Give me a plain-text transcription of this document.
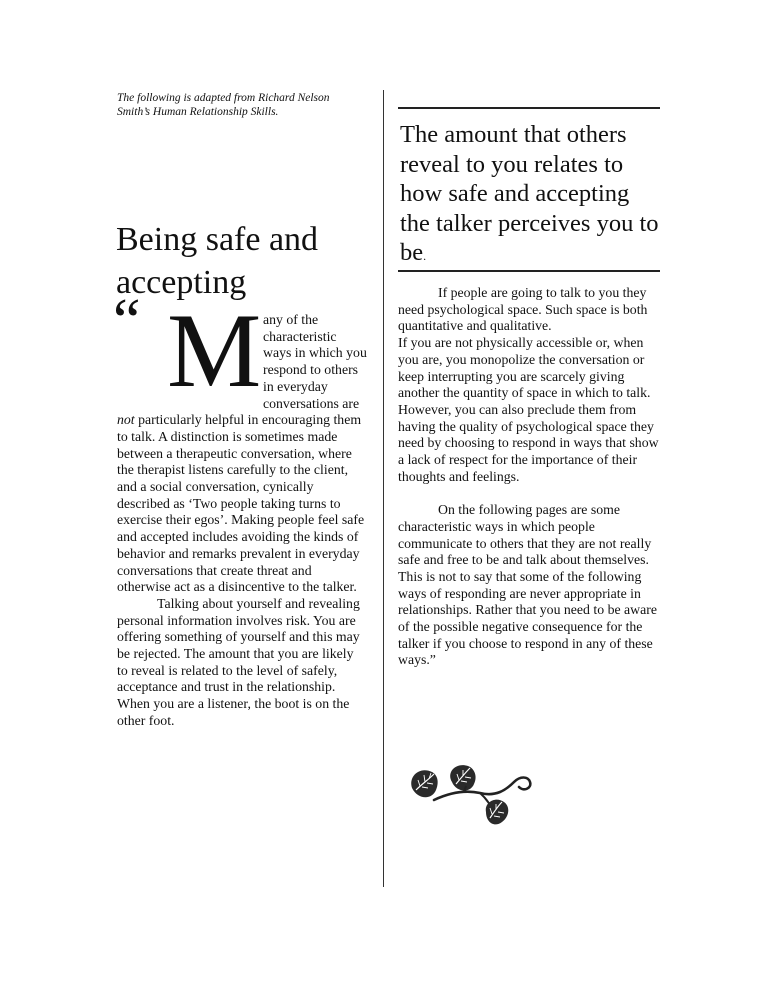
The following is adapted from Richard Nelson Smith’s Human Relationship Skills.
Being safe and accepting
“ M any of the characteristic ways in which you respond to others in everyday conversations are not particularly helpful in encouraging them to talk. A distinction is sometimes made between a therapeutic conversation, where the therapist listens carefully to the client, and a social conversation, cynically described as ‘Two people taking turns to exercise their egos’. Making people feel safe and accepted includes avoiding the kinds of behavior and remarks prevalent in everyday conversations that create threat and otherwise act as a disincentive to the talker.
Talking about yourself and revealing personal information involves risk. You are offering something of yourself and this may be rejected. The amount that you are likely to reveal is related to the level of safely, acceptance and trust in the relationship. When you are a listener, the boot is on the other foot.
The amount that others reveal to you relates to how safe and accepting the talker perceives you to be.

If people are going to talk to you they need psychological space. Such space is both quantitative and qualitative.

If you are not physically accessible or, when you are, you monopolize the conversation or keep interrupting you are scarcely giving another the quantity of space in which to talk. However, you can also preclude them from having the quality of psychological space they need by choosing to respond in ways that show a lack of respect for the importance of their thoughts and feelings.

On the following pages are some characteristic ways in which people communicate to others that they are not really safe and free to be and talk about themselves. This is not to say that some of the following ways of responding are never appropriate in relationships. Rather that you need to be aware of the possible negative consequence for the talker if you choose to respond in any of these ways.”
